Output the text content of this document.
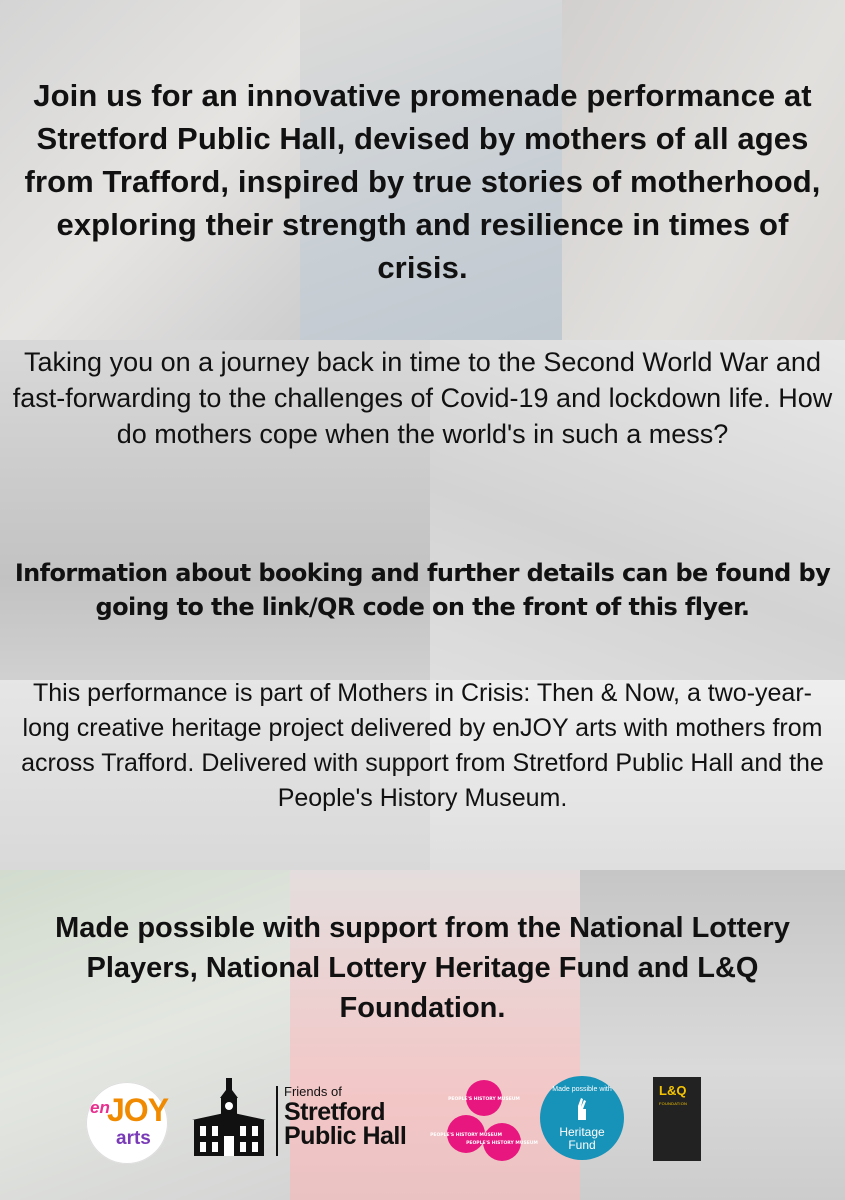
Join us for an innovative promenade performance at Stretford Public Hall, devised by mothers of all ages from Trafford, inspired by true stories of motherhood, exploring their strength and resilience in times of crisis.

Taking you on a journey back in time to the Second World War and fast-forwarding to the challenges of Covid-19 and lockdown life. How do mothers cope when the world's in such a mess?

Information about booking and further details can be found by going to the link/QR code on the front of this flyer.

This performance is part of Mothers in Crisis: Then & Now, a two-year-long creative heritage project delivered by enJOY arts with mothers from across Trafford. Delivered with support from Stretford Public Hall and the People's History Museum.

Made possible with support from the National Lottery Players, National Lottery Heritage Fund and L&Q Foundation.

en
JOY
arts
Friends of
Stretford
Public Hall
PEOPLE'S HISTORY MUSEUM
PEOPLE'S HISTORY MUSEUM
PEOPLE'S HISTORY MUSEUM
Made possible with
Heritage
Fund
L&Q
FOUNDATION
